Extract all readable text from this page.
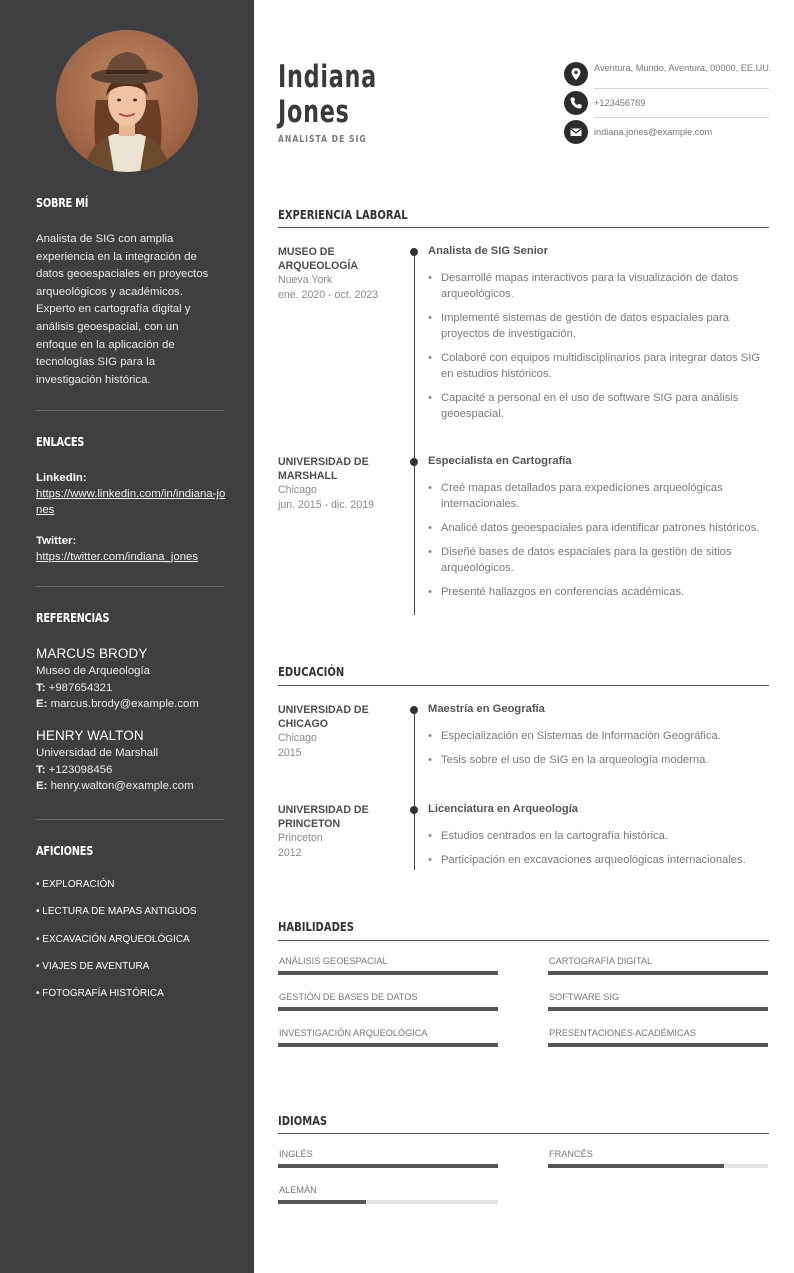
SOBRE MÍ

Analista de SIG con amplia experiencia en la integración de datos geoespaciales en proyectos arqueológicos y académicos. Experto en cartografía digital y análisis geoespacial, con un enfoque en la aplicación de tecnologías SIG para la investigación histórica.

ENLACES
LinkedIn:
https://www.linkedin.com/in/indiana-jones
Twitter:
https://twitter.com/indiana_jones
REFERENCIAS
MARCUS BRODY
Museo de Arqueología
T: +987654321
E: marcus.brody@example.com
HENRY WALTON
Universidad de Marshall
T: +123098456
E: henry.walton@example.com
AFICIONES
• EXPLORACIÓN
• LECTURA DE MAPAS ANTIGUOS
• EXCAVACIÓN ARQUEOLÓGICA
• VIAJES DE AVENTURA
• FOTOGRAFÍA HISTÓRICA
Indiana
Jones
ANALISTA DE SIG
Aventura, Mundo, Aventura, 00000, EE.UU.
+123456789
indiana.jones@example.com
EXPERIENCIA LABORAL
MUSEO DE ARQUEOLOGÍA
Nueva York
ene. 2020 - oct. 2023
Analista de SIG Senior
• Desarrollé mapas interactivos para la visualización de datos arqueológicos.
• Implementé sistemas de gestión de datos espaciales para proyectos de investigación.
• Colaboré con equipos multidisciplinarios para integrar datos SIG en estudios históricos.
• Capacité a personal en el uso de software SIG para análisis geoespacial.
UNIVERSIDAD DE MARSHALL
Chicago
jun. 2015 - dic. 2019
Especialista en Cartografía
• Creé mapas detallados para expediciones arqueológicas internacionales.
• Analicé datos geoespaciales para identificar patrones históricos.
• Diseñé bases de datos espaciales para la gestión de sitios arqueológicos.
• Presenté hallazgos en conferencias académicas.
EDUCACIÓN
UNIVERSIDAD DE CHICAGO
Chicago
2015
Maestría en Geografía
• Especialización en Sistemas de Información Geográfica.
• Tesis sobre el uso de SIG en la arqueología moderna.
UNIVERSIDAD DE PRINCETON
Princeton
2012
Licenciatura en Arqueología
• Estudios centrados en la cartografía histórica.
• Participación en excavaciones arqueológicas internacionales.
HABILIDADES
ANÁLISIS GEOESPACIAL	CARTOGRAFÍA DIGITAL
GESTIÓN DE BASES DE DATOS	SOFTWARE SIG
INVESTIGACIÓN ARQUEOLÓGICA	PRESENTACIONES ACADÉMICAS
IDIOMAS
INGLÉS	FRANCÉS
ALEMÁN
